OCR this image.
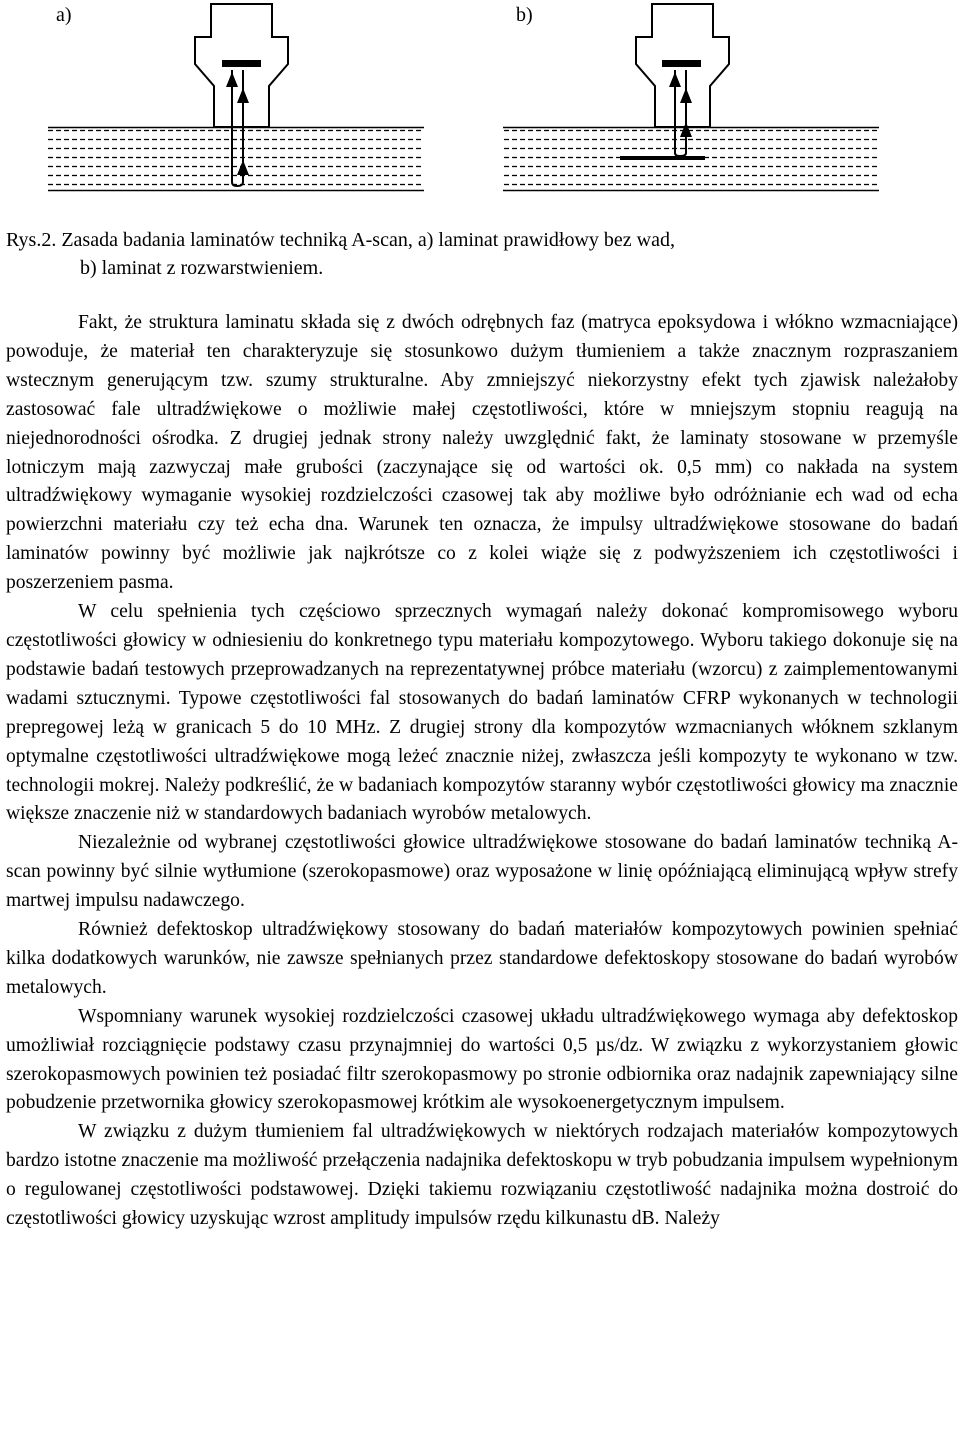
a)	b)
Rys.2. Zasada badania laminatów techniką A-scan, a) laminat prawidłowy bez wad,
b) laminat z rozwarstwieniem.

Fakt, że struktura laminatu składa się z dwóch odrębnych faz (matryca epoksydowa i włókno wzmacniające) powoduje, że materiał ten charakteryzuje się stosunkowo dużym tłumieniem a także znacznym rozpraszaniem wstecznym generującym tzw. szumy strukturalne. Aby zmniejszyć niekorzystny efekt tych zjawisk należałoby zastosować fale ultradźwiękowe o możliwie małej częstotliwości, które w mniejszym stopniu reagują na niejednorodności ośrodka. Z drugiej jednak strony należy uwzględnić fakt, że laminaty stosowane w przemyśle lotniczym mają zazwyczaj małe grubości (zaczynające się od wartości ok. 0,5 mm) co nakłada na system ultradźwiękowy wymaganie wysokiej rozdzielczości czasowej tak aby możliwe było odróżnianie ech wad od echa powierzchni materiału czy też echa dna. Warunek ten oznacza, że impulsy ultradźwiękowe stosowane do badań laminatów powinny być możliwie jak najkrótsze co z kolei wiąże się z podwyższeniem ich częstotliwości i poszerzeniem pasma.

W celu spełnienia tych częściowo sprzecznych wymagań należy dokonać kompromisowego wyboru częstotliwości głowicy w odniesieniu do konkretnego typu materiału kompozytowego. Wyboru takiego dokonuje się na podstawie badań testowych przeprowadzanych na reprezentatywnej próbce materiału (wzorcu) z zaimplementowanymi wadami sztucznymi. Typowe częstotliwości fal stosowanych do badań laminatów CFRP wykonanych w technologii prepregowej leżą w granicach 5 do 10 MHz. Z drugiej strony dla kompozytów wzmacnianych włóknem szklanym optymalne częstotliwości ultradźwiękowe mogą leżeć znacznie niżej, zwłaszcza jeśli kompozyty te wykonano w tzw. technologii mokrej. Należy podkreślić, że w badaniach kompozytów staranny wybór częstotliwości głowicy ma znacznie większe znaczenie niż w standardowych badaniach wyrobów metalowych.

Niezależnie od wybranej częstotliwości głowice ultradźwiękowe stosowane do badań laminatów techniką A-scan powinny być silnie wytłumione (szerokopasmowe) oraz wyposażone w linię opóźniającą eliminującą wpływ strefy martwej impulsu nadawczego.

Również defektoskop ultradźwiękowy stosowany do badań materiałów kompozytowych powinien spełniać kilka dodatkowych warunków, nie zawsze spełnianych przez standardowe defektoskopy stosowane do badań wyrobów metalowych.

Wspomniany warunek wysokiej rozdzielczości czasowej układu ultradźwiękowego wymaga aby defektoskop umożliwiał rozciągnięcie podstawy czasu przynajmniej do wartości 0,5 µs/dz. W związku z wykorzystaniem głowic szerokopasmowych powinien też posiadać filtr szerokopasmowy po stronie odbiornika oraz nadajnik zapewniający silne pobudzenie przetwornika głowicy szerokopasmowej krótkim ale wysokoenergetycznym impulsem.

W związku z dużym tłumieniem fal ultradźwiękowych w niektórych rodzajach materiałów kompozytowych bardzo istotne znaczenie ma możliwość przełączenia nadajnika defektoskopu w tryb pobudzania impulsem wypełnionym o regulowanej częstotliwości podstawowej. Dzięki takiemu rozwiązaniu częstotliwość nadajnika można dostroić do częstotliwości głowicy uzyskując wzrost amplitudy impulsów rzędu kilkunastu dB. Należy
